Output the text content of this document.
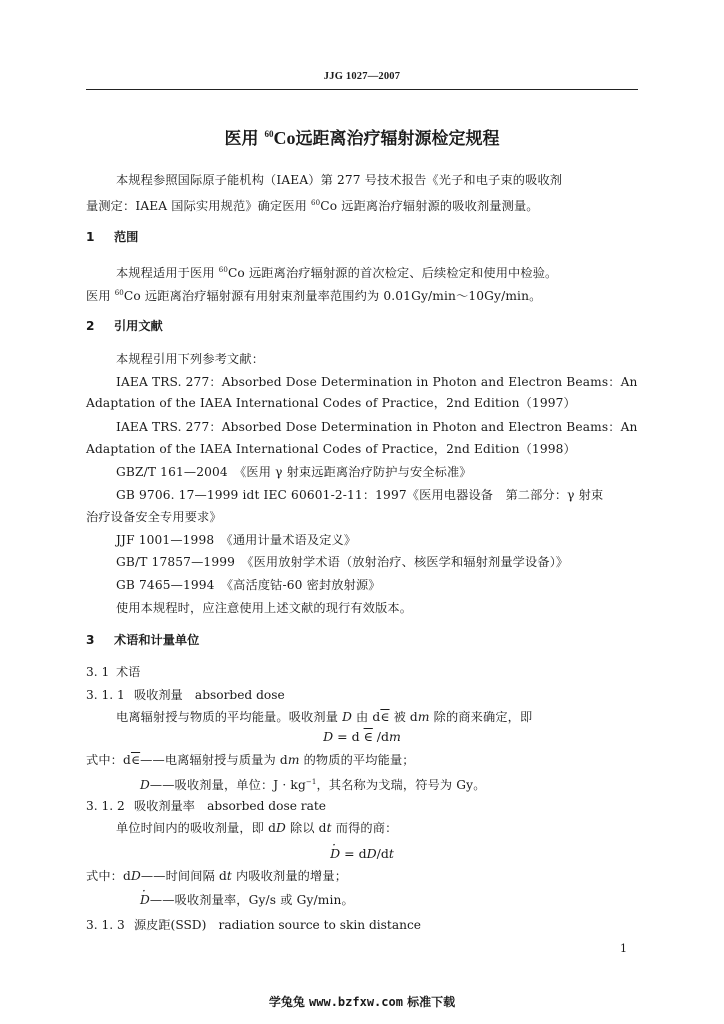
JJG 1027—2007
医用 $^{60}$Co远距离治疗辐射源检定规程
本规程参照国际原子能机构（IAEA）第 277 号技术报告《光子和电子束的吸收剂
量测定：IAEA 国际实用规范》确定医用 $^{60}$Co 远距离治疗辐射源的吸收剂量测量。
1 范围
本规程适用于医用 $^{60}$Co 远距离治疗辐射源的首次检定、后续检定和使用中检验。
医用 $^{60}$Co 远距离治疗辐射源有用射束剂量率范围约为 0.01Gy/min～10Gy/min。
2 引用文献
本规程引用下列参考文献：
IAEA TRS. 277：Absorbed Dose Determination in Photon and Electron Beams：An
Adaptation of the IAEA International Codes of Practice，2nd Edition（1997）
IAEA TRS. 277：Absorbed Dose Determination in Photon and Electron Beams：An
Adaptation of the IAEA International Codes of Practice，2nd Edition（1998）
GBZ/T 161—2004　《医用 γ 射束远距离治疗防护与安全标准》
GB 9706. 17—1999 idt IEC 60601-2-11：1997《医用电器设备　第二部分：γ 射束
治疗设备安全专用要求》
JJF 1001—1998　《通用计量术语及定义》
GB/T 17857—1999　《医用放射学术语（放射治疗、核医学和辐射剂量学设备）》
GB 7465—1994　《高活度钴-60 密封放射源》
使用本规程时，应注意使用上述文献的现行有效版本。
3 术语和计量单位
3. 1 术语
3. 1. 1 吸收剂量　absorbed dose
电离辐射授与物质的平均能量。吸收剂量 D 由 d∈ 被 dm 除的商来确定，即
D = d ∈ /dm
式中：d∈——电离辐射授与质量为 dm 的物质的平均能量；
D——吸收剂量，单位：$J \cdot kg^{-1}$，其名称为戈瑞，符号为 Gy。
3. 1. 2 吸收剂量率　absorbed dose rate
单位时间内的吸收剂量，即 dD 除以 dt 而得的商：
· D = dD/dt
式中：dD——时间间隔 dt 内吸收剂量的增量；
· D——吸收剂量率，Gy/s 或 Gy/min。
3. 1. 3 源皮距(SSD)　radiation source to skin distance
1
学兔兔 www.bzfxw.com 标准下载
